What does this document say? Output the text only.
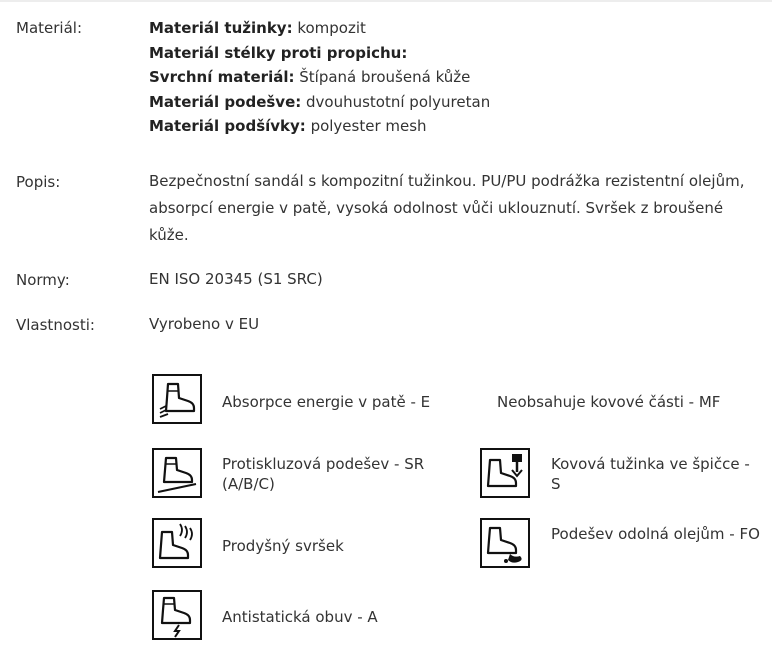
Materiál:	Materiál tužinky: kompozit
Materiál stélky proti propichu:
Svrchní materiál: Štípaná broušená kůže
Materiál podešve: dvouhustotní polyuretan
Materiál podšívky: polyester mesh
Popis:	Bezpečnostní sandál s kompozitní tužinkou. PU/PU podrážka rezistentní olejům, absorpcí energie v patě, vysoká odolnost vůči uklouznutí. Svršek z broušené kůže.
Normy:	EN ISO 20345 (S1 SRC)
Vlastnosti:	Vyrobeno v EU
Absorpce energie v patě - E	Neobsahuje kovové části - MF
Protiskluzová podešev - SR (A/B/C)
Kovová tužinka ve špičce - S
Prodyšný svršek
Podešev odolná olejům - FO
Antistatická obuv - A
